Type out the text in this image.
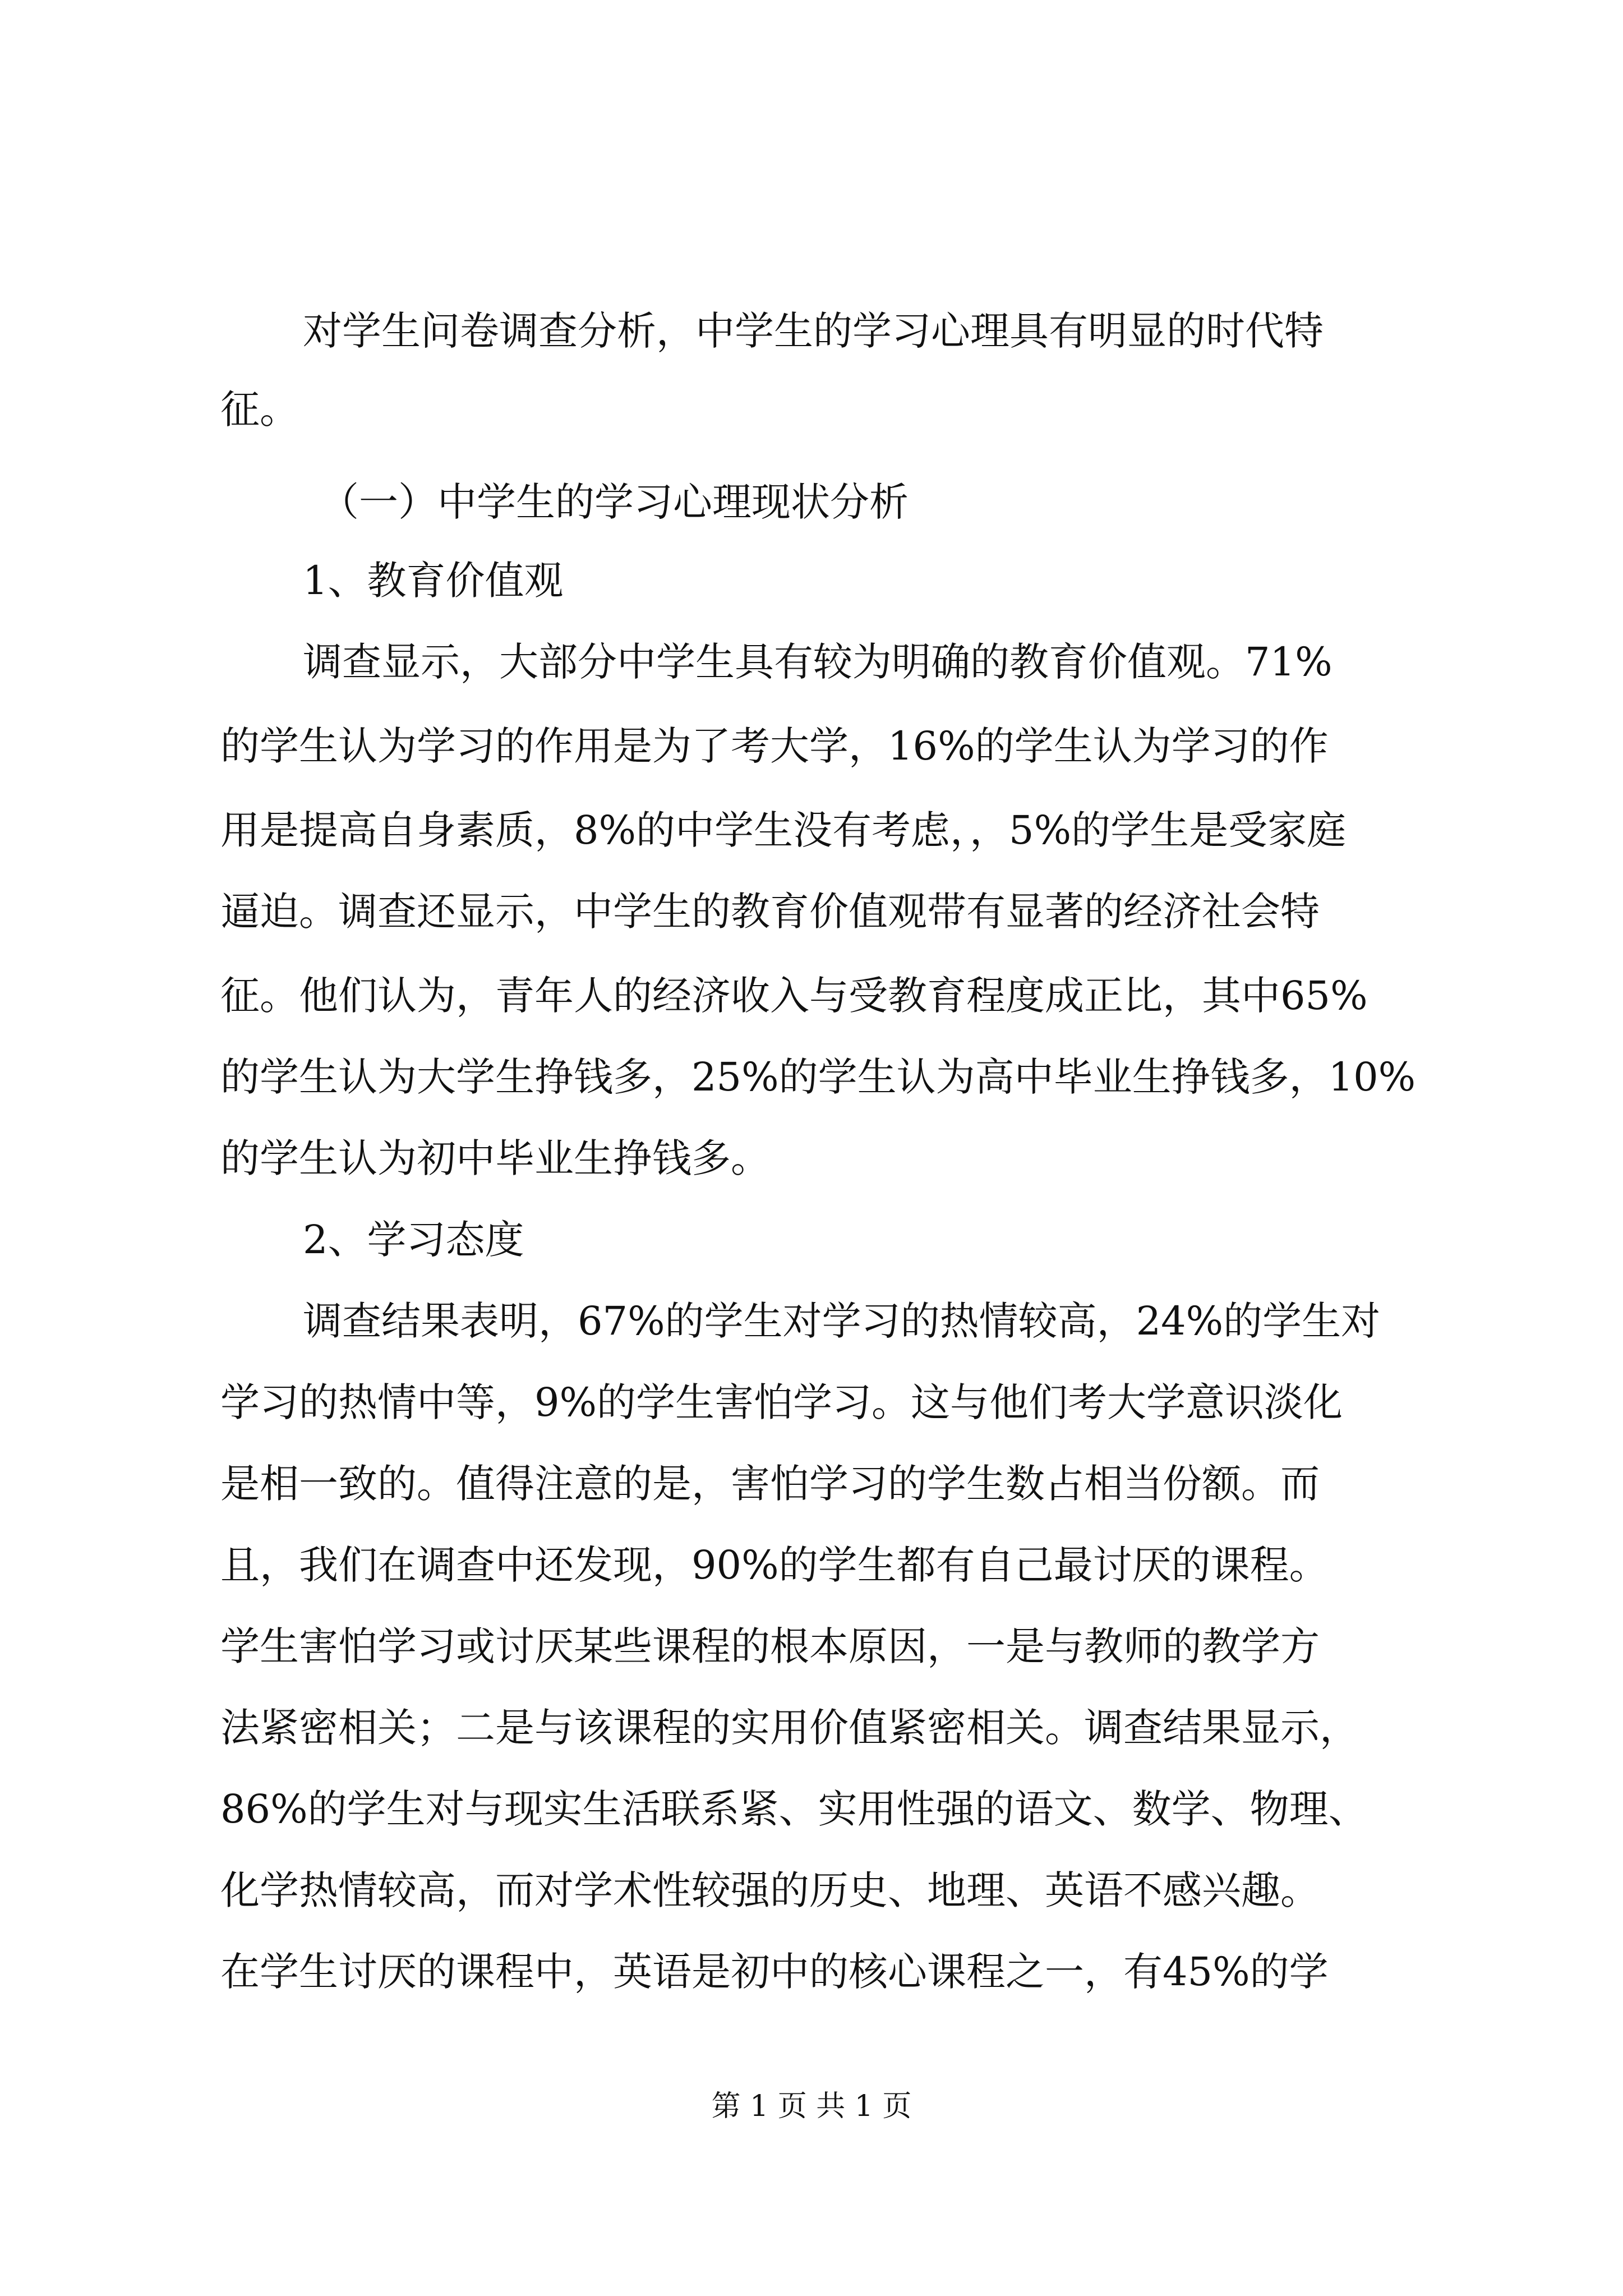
对学生问卷调查分析，中学生的学习心理具有明显的时代特
征。
（一）中学生的学习心理现状分析
1、教育价值观
调查显示，大部分中学生具有较为明确的教育价值观。71%
的学生认为学习的作用是为了考大学，16%的学生认为学习的作
用是提高自身素质，8%的中学生没有考虑，，5%的学生是受家庭
逼迫。调查还显示，中学生的教育价值观带有显著的经济社会特
征。他们认为，青年人的经济收入与受教育程度成正比，其中65%
的学生认为大学生挣钱多，25%的学生认为高中毕业生挣钱多，10%
的学生认为初中毕业生挣钱多。
2、学习态度
调查结果表明，67%的学生对学习的热情较高，24%的学生对
学习的热情中等，9%的学生害怕学习。这与他们考大学意识淡化
是相一致的。值得注意的是，害怕学习的学生数占相当份额。而
且，我们在调查中还发现，90%的学生都有自己最讨厌的课程。
学生害怕学习或讨厌某些课程的根本原因，一是与教师的教学方
法紧密相关；二是与该课程的实用价值紧密相关。调查结果显示，
86%的学生对与现实生活联系紧、实用性强的语文、数学、物理、
化学热情较高，而对学术性较强的历史、地理、英语不感兴趣。
在学生讨厌的课程中，英语是初中的核心课程之一，有45%的学
第 1 页 共 1 页
